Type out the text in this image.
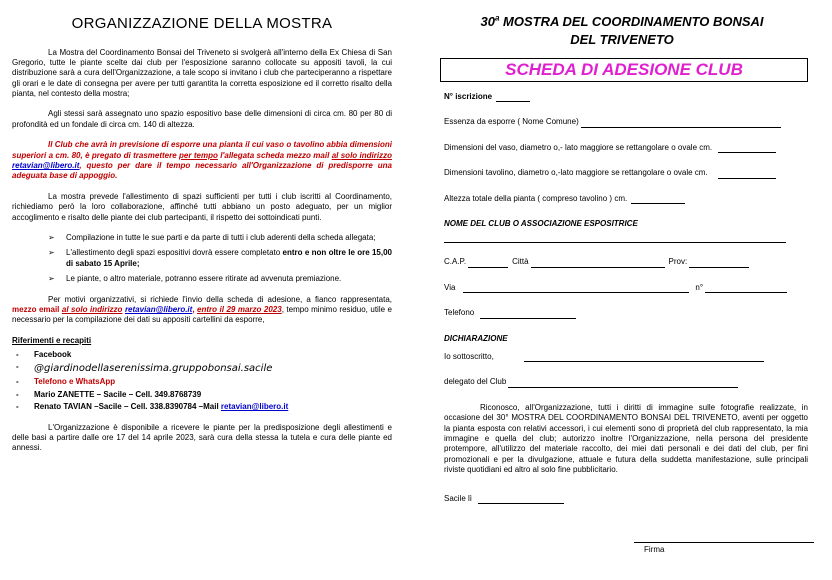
ORGANIZZAZIONE DELLA MOSTRA

La Mostra del Coordinamento Bonsai del Triveneto si svolgerà all'interno della Ex Chiesa di San Gregorio, tutte le piante scelte dai club per l'esposizione saranno collocate su appositi tavoli, la cui distribuzione sarà a cura dell'Organizzazione, a tale scopo si invitano i club che parteciperanno a rispettare gli orari e le date di consegna per avere per tutti garantita la corretta esposizione ed il corretto risalto della pianta, nel contesto della mostra;

Agli stessi sarà assegnato uno spazio espositivo base delle dimensioni di circa cm. 80 per 80 di profondità ed un fondale di circa cm. 140 di altezza.

Il Club che avrà in previsione di esporre una pianta il cui vaso o tavolino abbia dimensioni superiori a cm. 80, è pregato di trasmettere per tempo l'allegata scheda mezzo mail al solo indirizzo retavian@libero.it, questo per dare il tempo necessario all'Organizzazione di predisporre una adeguata base di appoggio.

La mostra prevede l'allestimento di spazi sufficienti per tutti i club iscritti al Coordinamento, richiediamo però la loro collaborazione, affinché tutti abbiano un posto adeguato, per un miglior accoglimento e risalto delle piante dei club partecipanti, il rispetto dei sottoindicati punti.

➢ Compilazione in tutte le sue parti e da parte di tutti i club aderenti della scheda allegata;
➢ L'allestimento degli spazi espositivi dovrà essere completato entro e non oltre le ore 15,00 di sabato 15 Aprile;
➢ Le piante, o altro materiale, potranno essere ritirate ad avvenuta premiazione.

Per motivi organizzativi, si richiede l'invio della scheda di adesione, a fianco rappresentata, mezzo email al solo indirizzo retavian@libero.it, entro il 29 marzo 2023, tempo minimo residuo, utile e necessario per la compilazione dei dati su appositi cartellini da esporre,

Riferimenti e recapiti
- Facebook
- @giardinodellaserenissima.gruppobonsai.sacile
- Telefono e WhatsApp
- Mario ZANETTE – Sacile – Cell. 349.8768739
- Renato TAVIAN –Sacile – Cell. 338.8390784 –Mail retavian@libero.it

L'Organizzazione è disponibile a ricevere le piante per la predisposizione degli allestimenti e delle basi a partire dalle ore 17 del 14 aprile 2023, sarà cura della stessa la tutela e cura delle piante ed annessi.

30$^a$ MOSTRA DEL COORDINAMENTO BONSAI
DEL TRIVENETO
SCHEDA DI ADESIONE CLUB
N° iscrizione
Essenza da esporre ( Nome Comune)
Dimensioni del vaso, diametro o,- lato maggiore se rettangolare o ovale cm.
Dimensioni tavolino, diametro o,-lato maggiore se rettangolare o ovale cm.
Altezza totale della pianta ( compreso tavolino ) cm.
NOME DEL CLUB O ASSOCIAZIONE ESPOSITRICE
C.A.P.	Città	Prov:
Via	n°
Telefono
DICHIARAZIONE
Io sottoscritto,
delegato del Club

Riconosco, all'Organizzazione, tutti i diritti di immagine sulle fotografie realizzate, in occasione del 30° MOSTRA DEL COORDINAMENTO BONSAI DEL TRIVENETO, aventi per oggetto la pianta esposta con relativi accessori, i cui elementi sono di proprietà del club rappresentato, la mia immagine e quella del club; autorizzo inoltre l'Organizzazione, nella persona del presidente protempore, all'utilizzo del materiale raccolto, dei miei dati personali e dei dati del club, per fini promozionali e per la divulgazione, attuale e futura della suddetta manifestazione, sulle principali riviste quotidiani ed altro al solo fine pubblicitario.

Sacile lì
Firma
